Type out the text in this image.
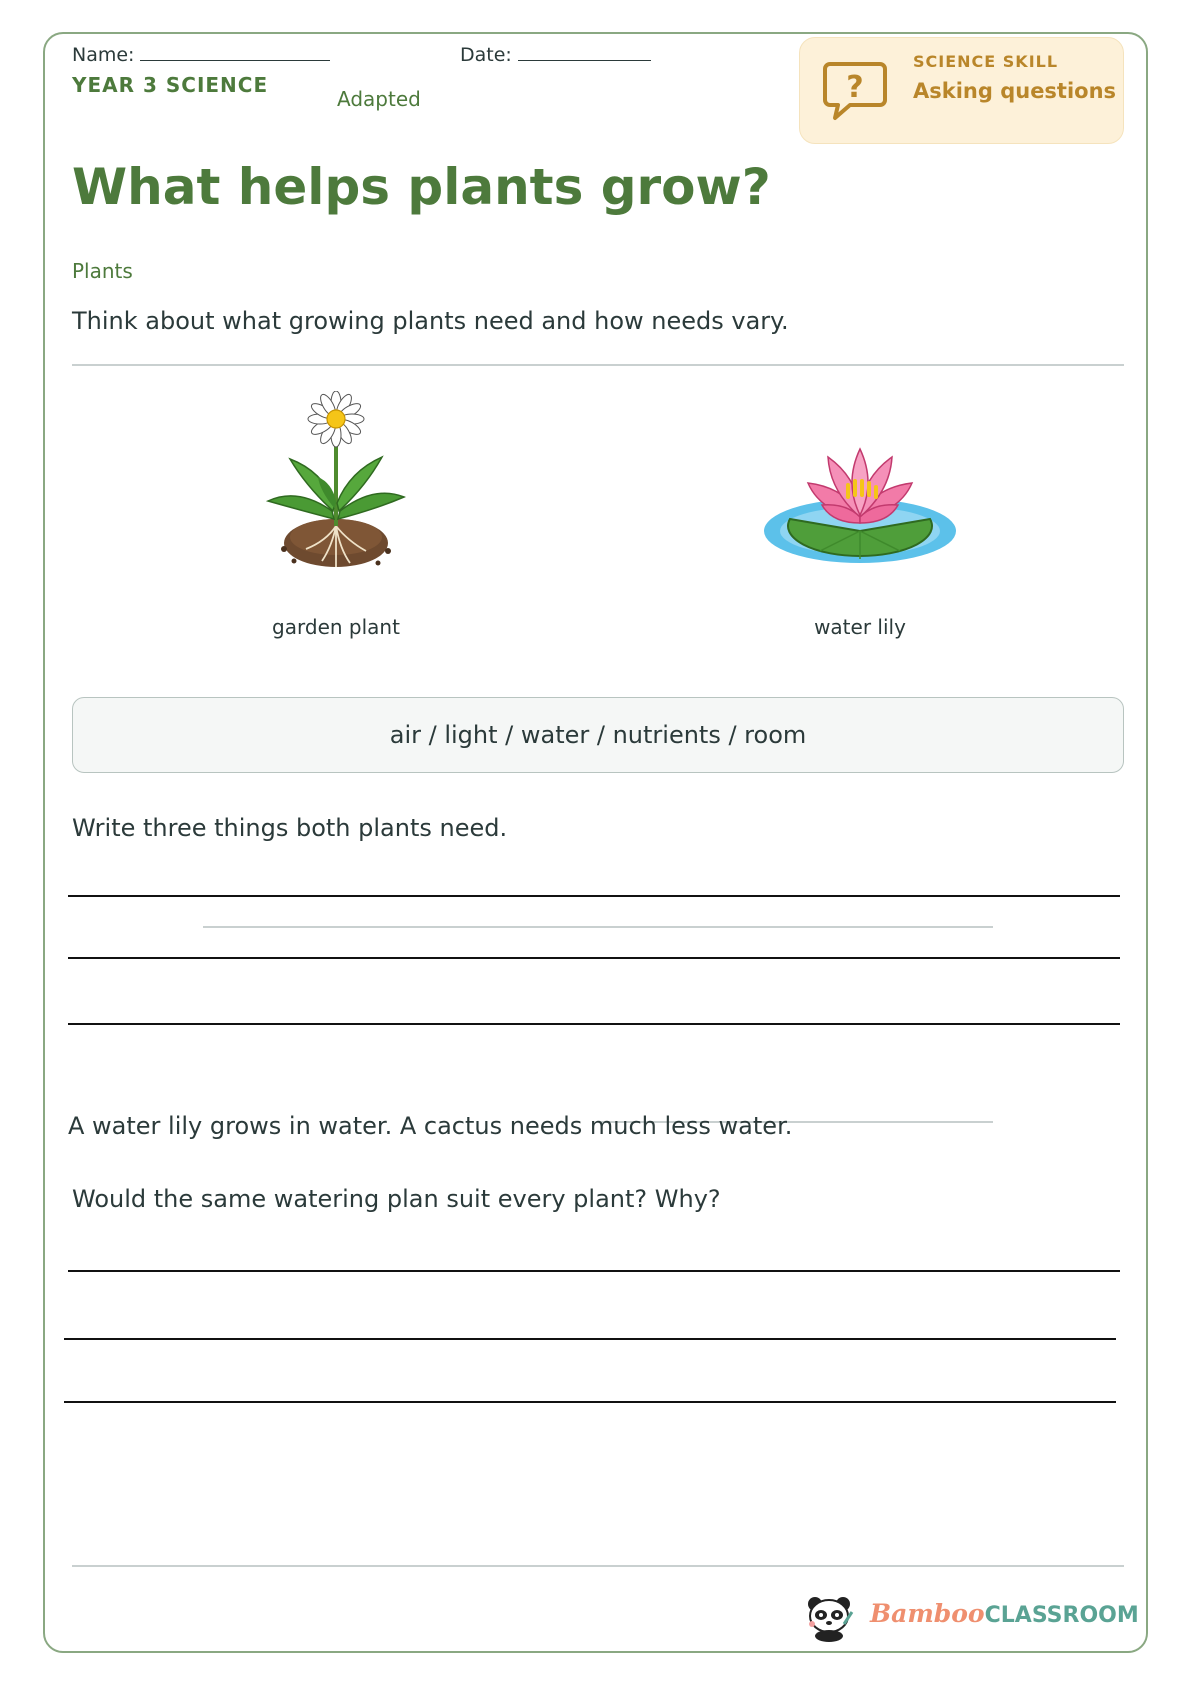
Name:	Date:
YEAR 3 SCIENCE
Adapted	?
SCIENCE SKILL
Asking questions
What helps plants grow?
Plants
Think about what growing plants need and how needs vary.
garden plant	water lily
air / light / water / nutrients / room
Write three things both plants need.
A water lily grows in water. A cactus needs much less water.
Would the same watering plan suit every plant? Why?
BambooCLASSROOM
